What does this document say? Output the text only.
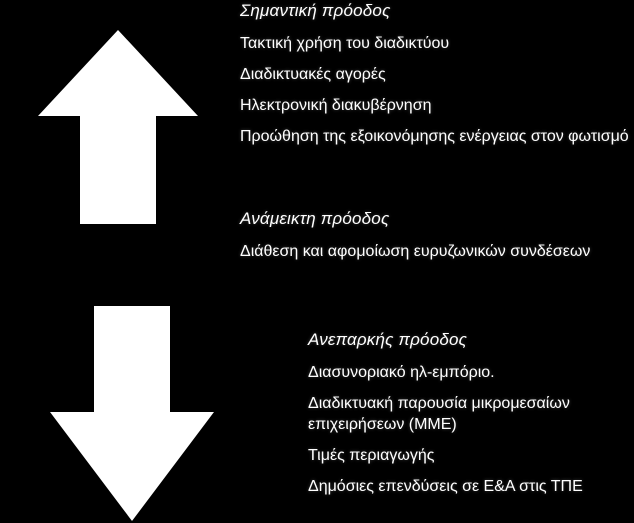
Σημαντική πρόοδος
Τακτική χρήση του διαδικτύου
Διαδικτυακές αγορές
Ηλεκτρονική διακυβέρνηση
Προώθηση της εξοικονόμησης ενέργειας στον φωτισμό
Ανάμεικτη πρόοδος
Διάθεση και αφομοίωση ευρυζωνικών συνδέσεων
Ανεπαρκής πρόοδος
Διασυνοριακό ηλ-εμπόριο.
Διαδικτυακή παρουσία μικρομεσαίων επιχειρήσεων (ΜΜΕ)
Τιμές περιαγωγής
Δημόσιες επενδύσεις σε Ε&Α στις ΤΠΕ
